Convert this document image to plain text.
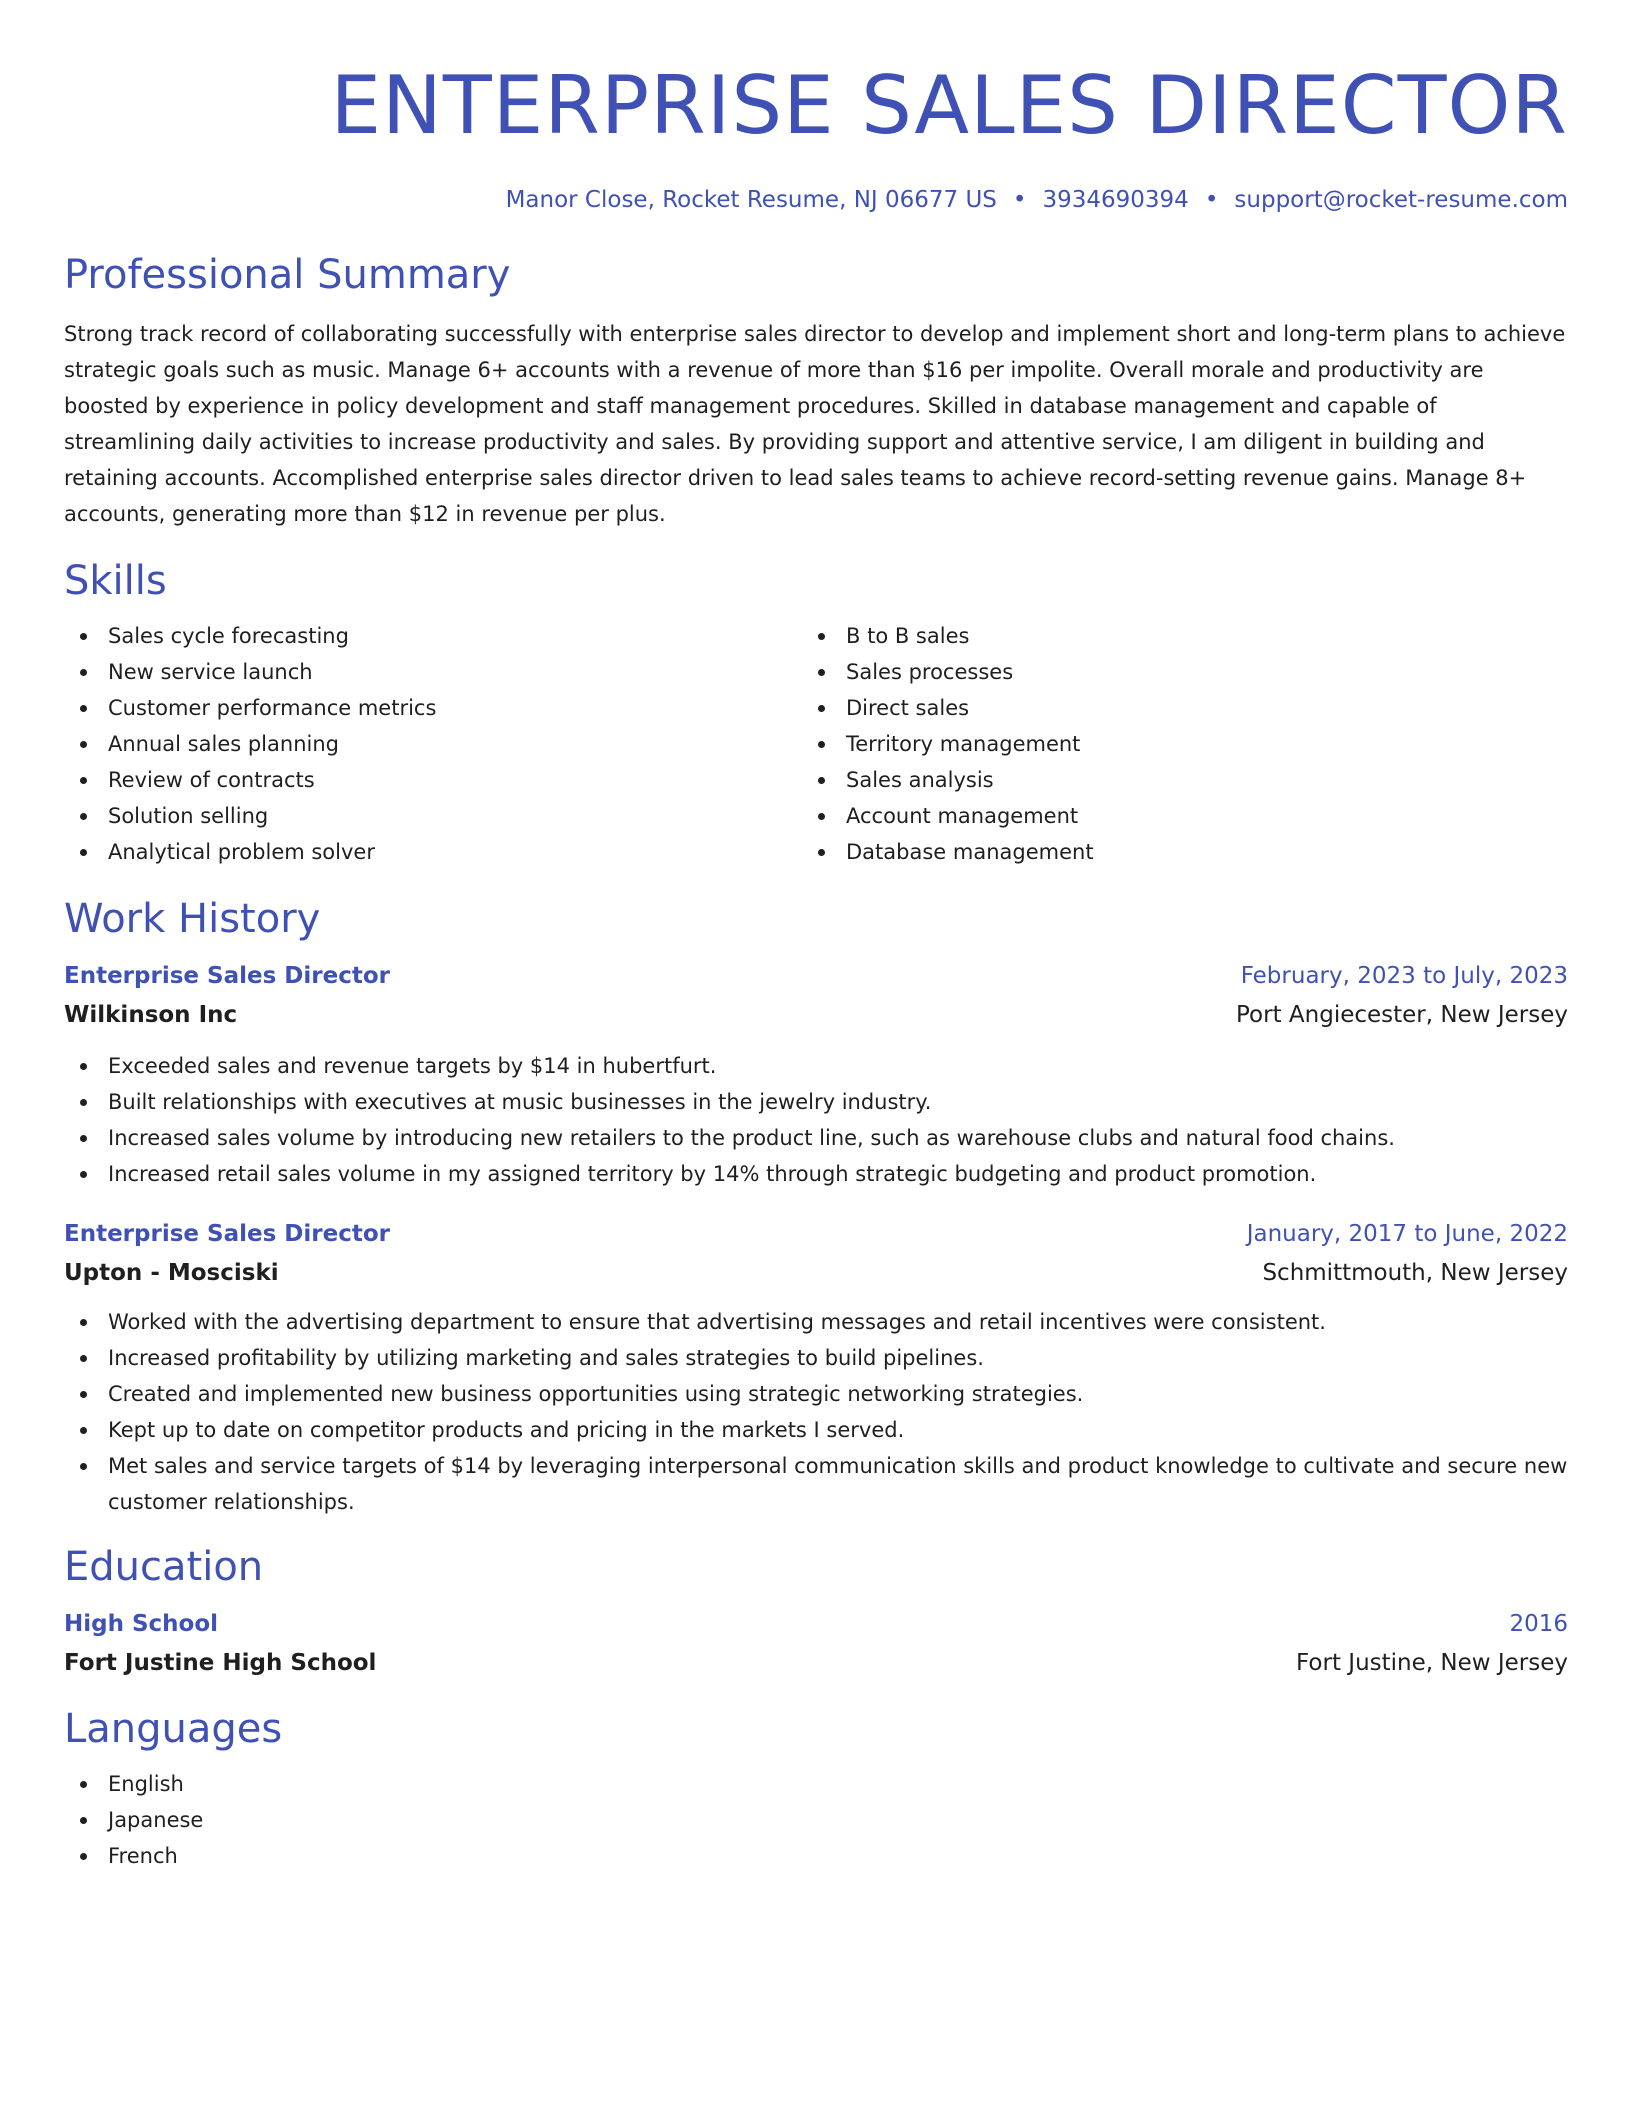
ENTERPRISE SALES DIRECTOR
Manor Close, Rocket Resume, NJ 06677 US • 3934690394 • support@rocket-resume.com
Professional Summary

Strong track record of collaborating successfully with enterprise sales director to develop and implement short and long-term plans to achieve strategic goals such as music. Manage 6+ accounts with a revenue of more than $16 per impolite. Overall morale and productivity are boosted by experience in policy development and staff management procedures. Skilled in database management and capable of streamlining daily activities to increase productivity and sales. By providing support and attentive service, I am diligent in building and retaining accounts. Accomplished enterprise sales director driven to lead sales teams to achieve record-setting revenue gains. Manage 8+ accounts, generating more than $12 in revenue per plus.

Skills
Sales cycle forecasting
New service launch
Customer performance metrics
Annual sales planning
Review of contracts
Solution selling
Analytical problem solver
B to B sales
Sales processes
Direct sales
Territory management
Sales analysis
Account management
Database management
Work History
Enterprise Sales Director	February, 2023 to July, 2023
Wilkinson Inc	Port Angiecester, New Jersey
Exceeded sales and revenue targets by $14 in hubertfurt.
Built relationships with executives at music businesses in the jewelry industry.
Increased sales volume by introducing new retailers to the product line, such as warehouse clubs and natural food chains.
Increased retail sales volume in my assigned territory by 14% through strategic budgeting and product promotion.
Enterprise Sales Director	January, 2017 to June, 2022
Upton - Mosciski	Schmittmouth, New Jersey
Worked with the advertising department to ensure that advertising messages and retail incentives were consistent.
Increased profitability by utilizing marketing and sales strategies to build pipelines.
Created and implemented new business opportunities using strategic networking strategies.
Kept up to date on competitor products and pricing in the markets I served.
Met sales and service targets of $14 by leveraging interpersonal communication skills and product knowledge to cultivate and secure new customer relationships.
Education
High School	2016
Fort Justine High School	Fort Justine, New Jersey
Languages
English
Japanese
French
